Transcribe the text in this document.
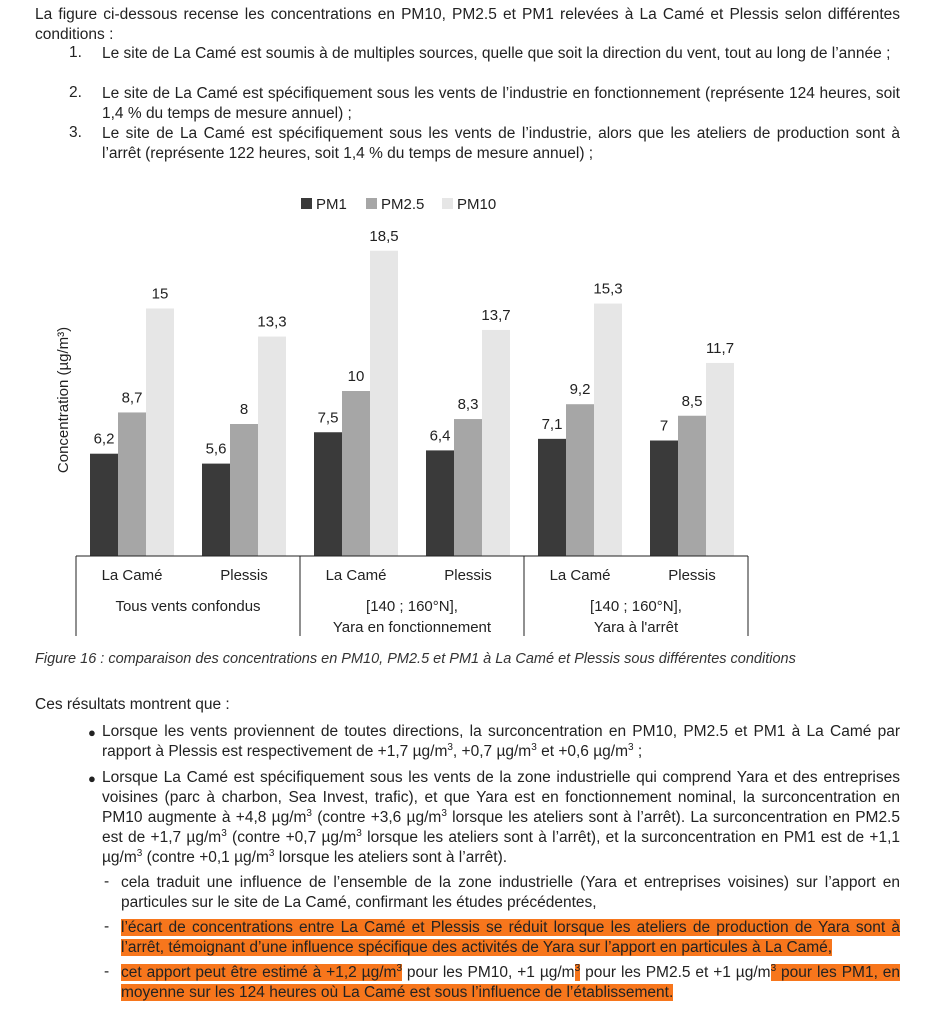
La figure ci-dessous recense les concentrations en PM10, PM2.5 et PM1 relevées à La Camé et Plessis selon différentes conditions :
1. Le site de La Camé est soumis à de multiples sources, quelle que soit la direction du vent, tout au long de l’année ;
2. Le site de La Camé est spécifiquement sous les vents de l’industrie en fonctionnement (représente 124 heures, soit 1,4 % du temps de mesure annuel) ;
3. Le site de La Camé est spécifiquement sous les vents de l’industrie, alors que les ateliers de production sont à l’arrêt (représente 122 heures, soit 1,4 % du temps de mesure annuel) ;
PM1 PM2.5 PM10
Concentration (µg/m³) 6,2
8,7
15
5,6
8
13,3
7,5
10
18,5
6,4
8,3
13,7
7,1
9,2
15,3
7
8,5
11,7
La Camé	Plessis	La Camé	Plessis	La Camé	Plessis
Tous vents confondus	[140 ; 160°N],
Yara en fonctionnement
[140 ; 160°N],
Yara à l'arrêt
Figure 16 : comparaison des concentrations en PM10, PM2.5 et PM1 à La Camé et Plessis sous différentes conditions
Ces résultats montrent que :
● Lorsque les vents proviennent de toutes directions, la surconcentration en PM10, PM2.5 et PM1 à La Camé par rapport à Plessis est respectivement de +1,7 $\mu g/m^3$, +0,7 $\mu g/m^3$ et +0,6 $\mu g/m^3$ ;
● Lorsque La Camé est spécifiquement sous les vents de la zone industrielle qui comprend Yara et des entreprises voisines (parc à charbon, Sea Invest, trafic), et que Yara est en fonctionnement nominal, la surconcentration en PM10 augmente à +4,8 $\mu g/m^3$ (contre +3,6 $\mu g/m^3$ lorsque les ateliers sont à l’arrêt). La surconcentration en PM2.5 est de +1,7 $\mu g/m^3$ (contre +0,7 $\mu g/m^3$ lorsque les ateliers sont à l’arrêt), et la surconcentration en PM1 est de +1,1 $\mu g/m^3$ (contre +0,1 $\mu g/m^3$ lorsque les ateliers sont à l’arrêt).
- cela traduit une influence de l’ensemble de la zone industrielle (Yara et entreprises voisines) sur l’apport en particules sur le site de La Camé, confirmant les études précédentes,
- l’écart de concentrations entre La Camé et Plessis se réduit lorsque les ateliers de production de Yara sont à l’arrêt, témoignant d’une influence spécifique des activités de Yara sur l’apport en particules à La Camé,
- cet apport peut être estimé à +1,2 $\mu g/m^3$ pour les PM10, +1 $\mu g/m^3$ pour les PM2.5 et +1 $\mu g/m^3$ pour les PM1, en moyenne sur les 124 heures où La Camé est sous l’influence de l’établissement.
